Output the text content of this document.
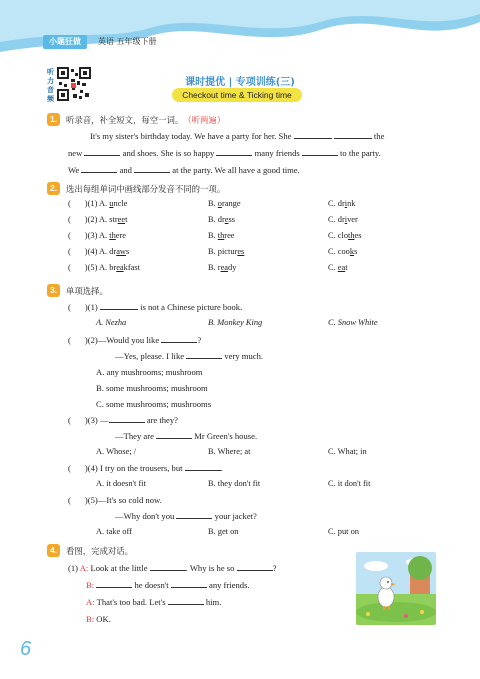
小题狂做	英语 五年级下册
听力音频
课时提优 | 专项训练(三)
Checkout time & Ticking time
1.	听录音，补全短文，每空一词。 （听两遍）
It's my sister's birthday today. We have a party for her. She	the
new	and shoes. She is so happy	many friends	to the party.
We	and	at the party. We all have a good time.
2.	选出每组单词中画线部分发音不同的一项。
( )(1) A. uncle	B. orange	C. drink
( )(2) A. street	B. dress	C. driver
( )(3) A. there	B. three	C. clothes
( )(4) A. draws	B. pictures	C. cooks
( )(5) A. breakfast	B. ready	C. eat
3.	单项选择。
( )(1)	is not a Chinese picture book.
A. Nezha	B. Monkey King	C. Snow White
( )(2)—Would you like	?
—Yes, please. I like	very much.
A. any mushrooms; mushroom
B. some mushrooms; mushroom
C. some mushrooms; mushrooms
( )(3) —	are they?
—They are	Mr Green's house.
A. Whose; /	B. Where; at	C. What; in
( )(4) I try on the trousers, but	.
A. it doesn't fit	B. they don't fit	C. it don't fit
( )(5)—It's so cold now.
—Why don't you	your jacket?
A. take off	B. get on	C. put on
4.	看图，完成对话。
(1) A: Look at the little	. Why is he so	?
B:	he doesn't	any friends.
A: That's too bad. Let's	him.
B: OK.
6
